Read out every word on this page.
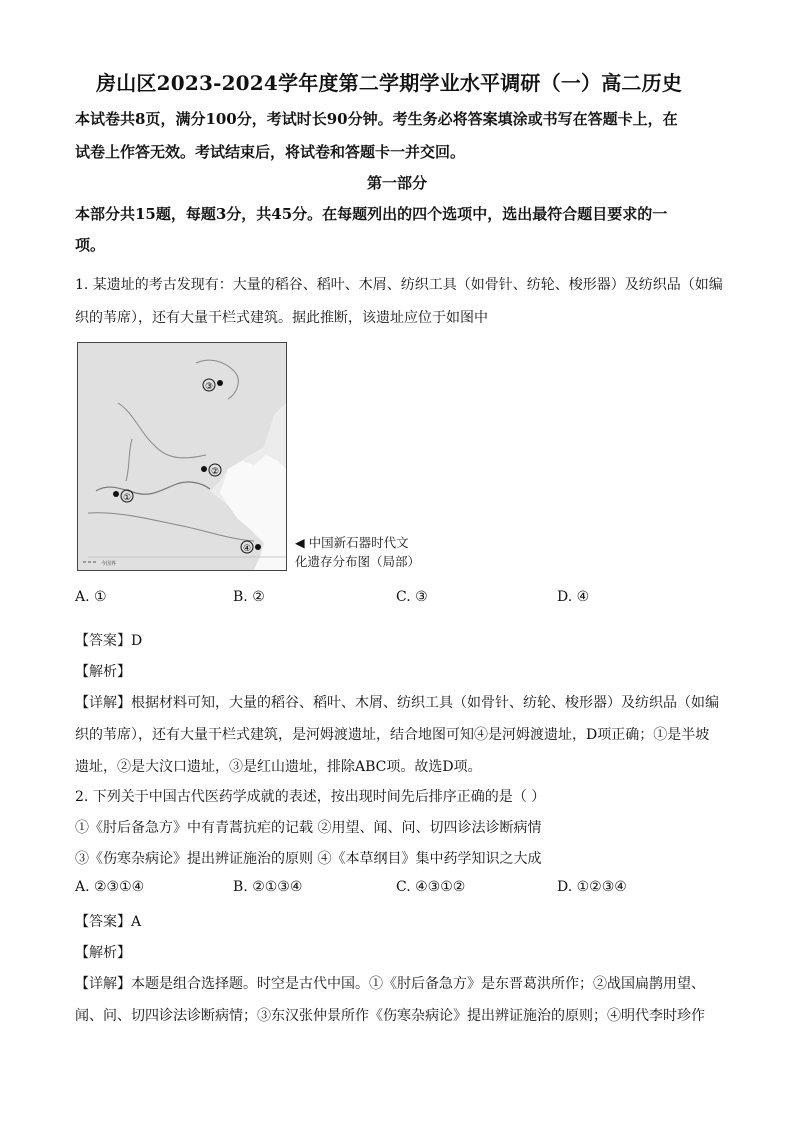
房山区2023-2024学年度第二学期学业水平调研（一）高二历史
本试卷共8页，满分100分，考试时长90分钟。考生务必将答案填涂或书写在答题卡上，在
试卷上作答无效。考试结束后，将试卷和答题卡一并交回。
第一部分
本部分共15题，每题3分，共45分。在每题列出的四个选项中，选出最符合题目要求的一
项。
1. 某遗址的考古发现有：大量的稻谷、稻叶、木屑、纺织工具（如骨针、纺轮、梭形器）及纺织品（如编
织的苇席），还有大量干栏式建筑。据此推断，该遗址应位于如图中
③
②
①
④
今国界
◀ 中国新石器时代文
化遗存分布图（局部）
A. ①	B. ②	C. ③	D. ④
【答案】D
【解析】
【详解】根据材料可知，大量的稻谷、稻叶、木屑、纺织工具（如骨针、纺轮、梭形器）及纺织品（如编
织的苇席），还有大量干栏式建筑，是河姆渡遗址，结合地图可知④是河姆渡遗址，D项正确；①是半坡
遗址，②是大汶口遗址，③是红山遗址，排除ABC项。故选D项。
2. 下列关于中国古代医药学成就的表述，按出现时间先后排序正确的是（ ）
①《肘后备急方》中有青蒿抗疟的记载 ②用望、闻、问、切四诊法诊断病情
③《伤寒杂病论》提出辨证施治的原则 ④《本草纲目》集中药学知识之大成
A. ②③①④	B. ②①③④	C. ④③①②	D. ①②③④
【答案】A
【解析】
【详解】本题是组合选择题。时空是古代中国。①《肘后备急方》是东晋葛洪所作；②战国扁鹊用望、
闻、问、切四诊法诊断病情；③东汉张仲景所作《伤寒杂病论》提出辨证施治的原则；④明代李时珍作
